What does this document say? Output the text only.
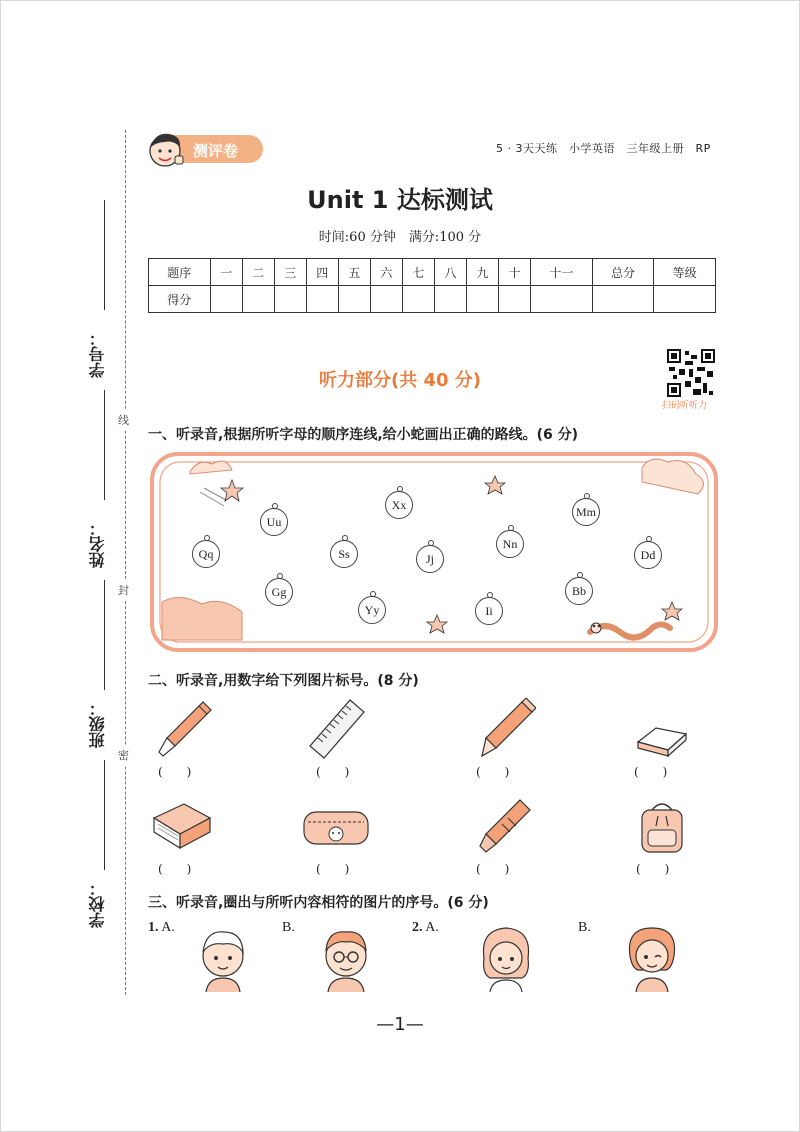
线
封
密
学号：
姓名：
班级：
学校：
测评卷	5 · 3天天练　小学英语　三年级上册　RP
Unit 1 达标测试
时间:60 分钟　满分:100 分
题序	一	二	三	四	五	六	七	八	九	十	十一	总分	等级
得分													
听力部分(共 40 分)
扫码听听力
一、听录音,根据所听字母的顺序连线,给小蛇画出正确的路线。(6 分)
Uu
Xx	Mm
Qq	Ss	Jj
Nn
Dd
Gg
Yy	Ii
Bb
二、听录音,用数字给下列图片标号。(8 分)
(　　)	(　　)	(　　)	(　　)
(　　)	(　　)	(　　)	(　　)
三、听录音,圈出与所听内容相符的图片的序号。(6 分)
1. A.	B.	2. A.	B.
—1—
